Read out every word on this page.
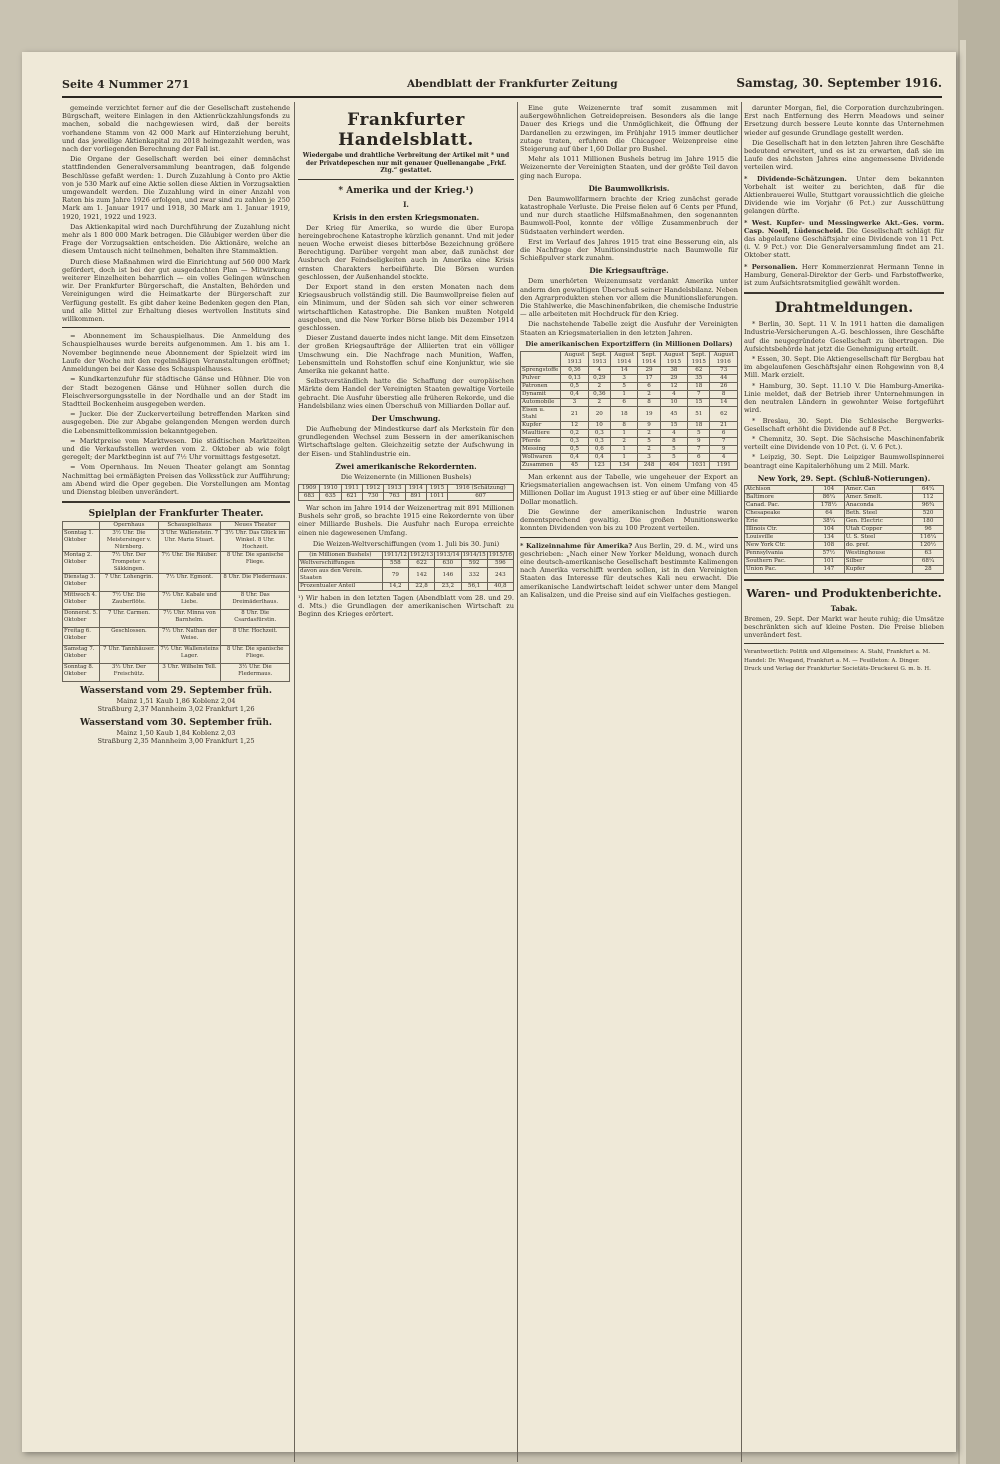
Seite 4 Nummer 271	Abendblatt der Frankfurter Zeitung	Samstag, 30. September 1916.

gemeinde verzichtet ferner auf die der Gesellschaft zustehende Bürgschaft, weitere Einlagen in den Aktienrückzahlungsfonds zu machen, sobald die nachgewiesen wird, daß der bereits vorhandene Stamm von 42 000 Mark auf Hinterziehung beruht, und das jeweilige Aktienkapital zu 2018 heimgezahlt werden, was nach der vorliegenden Berechnung der Fall ist.

Die Organe der Gesellschaft werden bei einer demnächst stattfindenden Generalversammlung beantragen, daß folgende Beschlüsse gefaßt werden: 1. Durch Zuzahlung à Conto pro Aktie von je 530 Mark auf eine Aktie sollen diese Aktien in Vorzugsaktien umgewandelt werden. Die Zuzahlung wird in einer Anzahl von Raten bis zum Jahre 1926 erfolgen, und zwar sind zu zahlen je 250 Mark am 1. Januar 1917 und 1918, 30 Mark am 1. Januar 1919, 1920, 1921, 1922 und 1923.

Das Aktienkapital wird nach Durchführung der Zuzahlung nicht mehr als 1 800 000 Mark betragen. Die Gläubiger werden über die Frage der Vorzugsaktien entscheiden. Die Aktionäre, welche an diesem Umtausch nicht teilnehmen, behalten ihre Stammaktien.

Durch diese Maßnahmen wird die Einrichtung auf 560 000 Mark gefördert, doch ist bei der gut ausgedachten Plan — Mitwirkung weiterer Einzelheiten beharrlich — ein volles Gelingen wünschen wir. Der Frankfurter Bürgerschaft, die Anstalten, Behörden und Vereinigungen wird die Heimatkarte der Bürgerschaft zur Verfügung gestellt. Es gibt daher keine Bedenken gegen den Plan, und alle Mittel zur Erhaltung dieses wertvollen Instituts sind willkommen.

= Abonnement im Schauspielhaus. Die Anmeldung des Schauspielhauses wurde bereits aufgenommen. Am 1. bis am 1. November beginnende neue Abonnement der Spielzeit wird im Laufe der Woche mit den regelmäßigen Veranstaltungen eröffnet; Anmeldungen bei der Kasse des Schauspielhauses.

= Kundkartenzufuhr für städtische Gänse und Hühner. Die von der Stadt bezogenen Gänse und Hühner sollen durch die Fleischversorgungsstelle in der Nordhalle und an der Stadt im Stadtteil Bockenheim ausgegeben werden.

= Jucker. Die der Zuckerverteilung betreffenden Marken sind ausgegeben. Die zur Abgabe gelangenden Mengen werden durch die Lebensmittelkommission bekanntgegeben.

= Marktpreise vom Marktwesen. Die städtischen Marktzeiten und die Verkaufsstellen werden vom 2. Oktober ab wie folgt geregelt; der Marktbeginn ist auf 7½ Uhr vormittags festgesetzt.

= Vom Opernhaus. Im Neuen Theater gelangt am Sonntag Nachmittag bei ermäßigten Preisen das Volksstück zur Aufführung; am Abend wird die Oper gegeben. Die Vorstellungen am Montag und Dienstag bleiben unverändert.

Spielplan der Frankfurter Theater.
	Opernhaus	Schauspielhaus	Neues Theater
Sonntag 1. Oktober	3½ Uhr. Die Meistersinger v. Nürnberg.	3 Uhr. Wallenstein. 7 Uhr. Maria Stuart.	3½ Uhr. Das Glück im Winkel. 8 Uhr. Hochzeit.
Montag 2. Oktober	7½ Uhr. Der Trompeter v. Säkkingen.	7½ Uhr. Die Räuber.	8 Uhr. Die spanische Fliege.
Dienstag 3. Oktober	7 Uhr. Lohengrin.	7½ Uhr. Egmont.	8 Uhr. Die Fledermaus.
Mittwoch 4. Oktober	7½ Uhr. Die Zauberflöte.	7½ Uhr. Kabale und Liebe.	8 Uhr. Das Dreimäderlhaus.
Donnerst. 5. Oktober	7 Uhr. Carmen.	7½ Uhr. Minna von Barnhelm.	8 Uhr. Die Csardasfürstin.
Freitag 6. Oktober	Geschlossen.	7½ Uhr. Nathan der Weise.	8 Uhr. Hochzeit.
Samstag 7. Oktober	7 Uhr. Tannhäuser.	7½ Uhr. Wallensteins Lager.	8 Uhr. Die spanische Fliege.
Sonntag 8. Oktober	3½ Uhr. Der Freischütz.	3 Uhr. Wilhelm Tell.	3½ Uhr. Die Fledermaus.
Wasserstand vom 29. September früh.
Mainz 1,51 Kaub 1,86 Koblenz 2,04
Straßburg 2,37 Mannheim 3,02 Frankfurt 1,26
Wasserstand vom 30. September früh.
Mainz 1,50 Kaub 1,84 Koblenz 2,03
Straßburg 2,35 Mannheim 3,00 Frankfurt 1,25
Frankfurter Handelsblatt.
Wiedergabe und drahtliche Verbreitung der Artikel mit * und der Privatdepeschen nur mit genauer Quellenangabe „Frkf. Ztg.“ gestattet.
* Amerika und der Krieg.¹)
I.
Krisis in den ersten Kriegsmonaten.

Der Krieg für Amerika, so wurde die über Europa hereingebrochene Katastrophe kürzlich genannt. Und mit jeder neuen Woche erweist dieses bitterböse Bezeichnung größere Berechtigung. Darüber vergeht man aber, daß zunächst der Ausbruch der Feindseligkeiten auch in Amerika eine Krisis ernsten Charakters herbeiführte. Die Börsen wurden geschlossen, der Außenhandel stockte.

Der Export stand in den ersten Monaten nach dem Kriegsausbruch vollständig still. Die Baumwollpreise fielen auf ein Minimum, und der Süden sah sich vor einer schweren wirtschaftlichen Katastrophe. Die Banken mußten Notgeld ausgeben, und die New Yorker Börse blieb bis Dezember 1914 geschlossen.

Dieser Zustand dauerte indes nicht lange. Mit dem Einsetzen der großen Kriegsaufträge der Alliierten trat ein völliger Umschwung ein. Die Nachfrage nach Munition, Waffen, Lebensmitteln und Rohstoffen schuf eine Konjunktur, wie sie Amerika nie gekannt hatte.

Selbstverständlich hatte die Schaffung der europäischen Märkte dem Handel der Vereinigten Staaten gewaltige Vorteile gebracht. Die Ausfuhr überstieg alle früheren Rekorde, und die Handelsbilanz wies einen Überschuß von Milliarden Dollar auf.

Der Umschwung.

Die Aufhebung der Mindestkurse darf als Merkstein für den grundlegenden Wechsel zum Bessern in der amerikanischen Wirtschaftslage gelten. Gleichzeitig setzte der Aufschwung in der Eisen- und Stahlindustrie ein.

Zwei amerikanische Rekordernten.
Die Weizenernte (in Millionen Bushels)
1909	1910	1911	1912	1913	1914	1915	1916 (Schätzung)
683	635	621	730	763	891	1011	607

War schon im Jahre 1914 der Weizenertrag mit 891 Millionen Bushels sehr groß, so brachte 1915 eine Rekordernte von über einer Milliarde Bushels. Die Ausfuhr nach Europa erreichte einen nie dagewesenen Umfang.

Die Weizen-Weltverschiffungen (vom 1. Juli bis 30. Juni)
(in Millionen Bushels)	1911/12	1912/13	1913/14	1914/15	1915/16
Weltverschiffungen	558	622	630	592	596
davon aus den Verein. Staaten	79	142	146	332	243
Prozentualer Anteil	14,2	22,8	23,2	56,1	40,8
¹) Wir haben in den letzten Tagen (Abendblatt vom 28. und 29. d. Mts.) die Grundlagen der amerikanischen Wirtschaft zu Beginn des Krieges erörtert.

Eine gute Weizenernte traf somit zusammen mit außergewöhnlichen Getreidepreisen. Besonders als die lange Dauer des Kriegs und die Unmöglichkeit, die Öffnung der Dardanellen zu erzwingen, im Frühjahr 1915 immer deutlicher zutage traten, erfuhren die Chicagoer Weizenpreise eine Steigerung auf über 1,60 Dollar pro Bushel.

Mehr als 1011 Millionen Bushels betrug im Jahre 1915 die Weizenernte der Vereinigten Staaten, und der größte Teil davon ging nach Europa.

Die Baumwollkrisis.

Den Baumwollfarmern brachte der Krieg zunächst gerade katastrophale Verluste. Die Preise fielen auf 6 Cents per Pfund, und nur durch staatliche Hilfsmaßnahmen, den sogenannten Baumwoll-Pool, konnte der völlige Zusammenbruch der Südstaaten verhindert werden.

Erst im Verlauf des Jahres 1915 trat eine Besserung ein, als die Nachfrage der Munitionsindustrie nach Baumwolle für Schießpulver stark zunahm.

Die Kriegsaufträge.

Dem unerhörten Weizenumsatz verdankt Amerika unter anderm den gewaltigen Überschuß seiner Handelsbilanz. Neben den Agrarprodukten stehen vor allem die Munitionslieferungen. Die Stahlwerke, die Maschinenfabriken, die chemische Industrie — alle arbeiteten mit Hochdruck für den Krieg.

Die nachstehende Tabelle zeigt die Ausfuhr der Vereinigten Staaten an Kriegsmaterialien in den letzten Jahren.

Die amerikanischen Exportziffern (in Millionen Dollars)
	August 1913	Sept. 1913	August 1914	Sept. 1914	August 1915	Sept. 1915	August 1916
Sprengstoffe	0,36	4	14	29	38	62	73
Pulver	0,13	0,29	3	17	29	35	44
Patronen	0,5	2	5	6	12	18	26
Dynamit	0,4	0,36	1	2	4	7	8
Automobile	3	2	6	8	10	15	14
Eisen u. Stahl	21	20	18	19	45	51	62
Kupfer	12	10	8	9	15	18	21
Maultiere	0,2	0,3	1	2	4	5	6
Pferde	0,3	0,3	2	5	8	9	7
Messing	0,5	0,6	1	2	5	7	9
Wollwaren	0,4	0,4	1	3	5	6	4
Zusammen	45	123	134	248	404	1031	1191

Man erkennt aus der Tabelle, wie ungeheuer der Export an Kriegsmaterialien angewachsen ist. Von einem Umfang von 45 Millionen Dollar im August 1913 stieg er auf über eine Milliarde Dollar monatlich.

Die Gewinne der amerikanischen Industrie waren dementsprechend gewaltig. Die großen Munitionswerke konnten Dividenden von bis zu 100 Prozent verteilen.

* Kalizeinnahme für Amerika? Aus Berlin, 29. d. M., wird uns geschrieben: „Nach einer New Yorker Meldung, wonach durch eine deutsch-amerikanische Gesellschaft bestimmte Kalimengen nach Amerika verschifft werden sollen, ist in den Vereinigten Staaten das Interesse für deutsches Kali neu erwacht. Die amerikanische Landwirtschaft leidet schwer unter dem Mangel an Kalisalzen, und die Preise sind auf ein Vielfaches gestiegen.

darunter Morgan, fiel, die Corporation durchzubringen. Erst nach Entfernung des Herrn Meadows und seiner Ersetzung durch bessere Leute konnte das Unternehmen wieder auf gesunde Grundlage gestellt werden.

Die Gesellschaft hat in den letzten Jahren ihre Geschäfte bedeutend erweitert, und es ist zu erwarten, daß sie im Laufe des nächsten Jahres eine angemessene Dividende verteilen wird.

* Dividende-Schätzungen. Unter dem bekannten Vorbehalt ist weiter zu berichten, daß für die Aktienbrauerei Wulle, Stuttgart voraussichtlich die gleiche Dividende wie im Vorjahr (6 Pct.) zur Ausschüttung gelangen dürfte.
* West. Kupfer- und Messingwerke Akt.-Ges. vorm. Casp. Noell, Lüdenscheid. Die Gesellschaft schlägt für das abgelaufene Geschäftsjahr eine Dividende von 11 Pct. (i. V. 9 Pct.) vor. Die Generalversammlung findet am 21. Oktober statt.
* Personalien. Herr Kommerzienrat Hermann Tenne in Hamburg, General-Direktor der Gerb- und Farbstoffwerke, ist zum Aufsichtsratsmitglied gewählt worden.
Drahtmeldungen.

* Berlin, 30. Sept. 11 V. In 1911 hatten die damaligen Industrie-Versicherungen A.-G. beschlossen, ihre Geschäfte auf die neugegründete Gesellschaft zu übertragen. Die Aufsichtsbehörde hat jetzt die Genehmigung erteilt.

* Essen, 30. Sept. Die Aktiengesellschaft für Bergbau hat im abgelaufenen Geschäftsjahr einen Rohgewinn von 8,4 Mill. Mark erzielt.

* Hamburg, 30. Sept. 11.10 V. Die Hamburg-Amerika-Linie meldet, daß der Betrieb ihrer Unternehmungen in den neutralen Ländern in gewohnter Weise fortgeführt wird.

* Breslau, 30. Sept. Die Schlesische Bergwerks-Gesellschaft erhöht die Dividende auf 8 Pct.

* Chemnitz, 30. Sept. Die Sächsische Maschinenfabrik verteilt eine Dividende von 10 Pct. (i. V. 6 Pct.).

* Leipzig, 30. Sept. Die Leipziger Baumwollspinnerei beantragt eine Kapitalerhöhung um 2 Mill. Mark.

New York, 29. Sept. (Schluß-Notierungen).
Atchison	104	Amer. Can	64¼
Baltimore	86¼	Amer. Smelt.	112
Canad. Pac.	178½	Anaconda	96¾
Chesapeake	64	Beth. Steel	520
Erie	38¼	Gen. Electric	180
Illinois Ctr.	104	Utah Copper	96
Louisville	134	U. S. Steel	116¼
New York Ctr.	108	do. pref.	120½
Pennsylvania	57½	Westinghouse	63
Southern Pac.	101	Silber	68¼
Union Pac.	147	Kupfer	28
Waren- und Produktenberichte.
Tabak.
Bremen, 29. Sept. Der Markt war heute ruhig; die Umsätze beschränkten sich auf kleine Posten. Die Preise blieben unverändert fest.
Verantwortlich: Politik und Allgemeines: A. Stahl, Frankfurt a. M.
Handel: Dr. Wiegand, Frankfurt a. M. — Feuilleton: A. Dinger.
Druck und Verlag der Frankfurter Societäts-Druckerei G. m. b. H.
